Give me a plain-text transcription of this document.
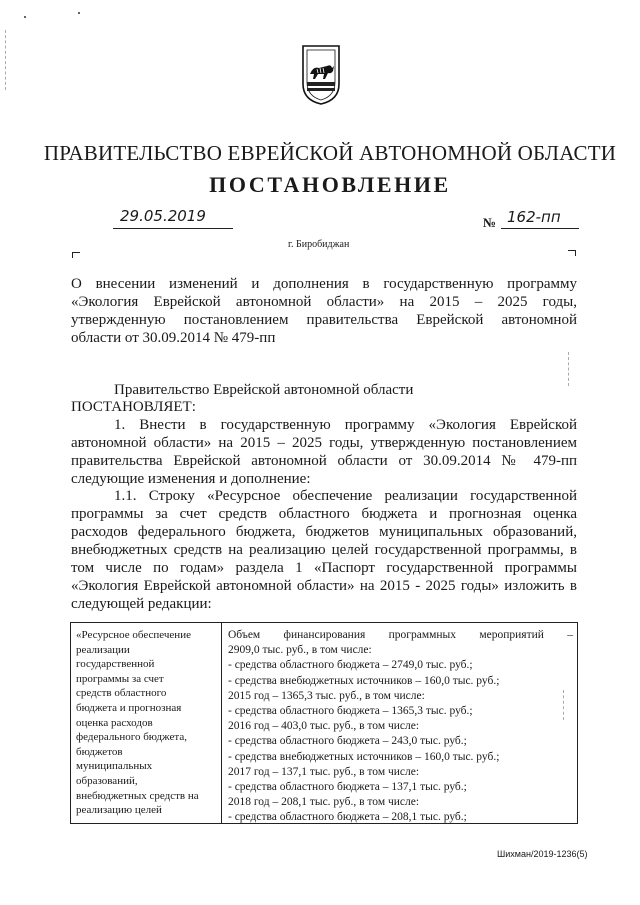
ПРАВИТЕЛЬСТВО ЕВРЕЙСКОЙ АВТОНОМНОЙ ОБЛАСТИ
ПОСТАНОВЛЕНИЕ
29.05.2019	№ 162-пп
г. Биробиджан
О внесении изменений и дополнения в государственную программу
«Экология Еврейской автономной области» на 2015 – 2025 годы,
утвержденную постановлением правительства Еврейской автономной
области от 30.09.2014 № 479-пп
Правительство Еврейской автономной области
ПОСТАНОВЛЯЕТ:
1. Внести в государственную программу «Экология Еврейской
автономной области» на 2015 – 2025 годы, утвержденную постановлением
правительства Еврейской автономной области от 30.09.2014 № 479-пп
следующие изменения и дополнение:
1.1. Строку «Ресурсное обеспечение реализации государственной
программы за счет средств областного бюджета и прогнозная оценка
расходов федерального бюджета, бюджетов муниципальных образований,
внебюджетных средств на реализацию целей государственной программы, в
том числе по годам» раздела 1 «Паспорт государственной программы
«Экология Еврейской автономной области» на 2015 - 2025 годы» изложить в
следующей редакции:
«Ресурсное обеспечение
реализации
государственной
программы за счет
средств областного
бюджета и прогнозная
оценка расходов
федерального бюджета,
бюджетов
муниципальных
образований,
внебюджетных средств на
реализацию целей
Объем финансирования программных мероприятий –
2909,0 тыс. руб., в том числе:
- средства областного бюджета – 2749,0 тыс. руб.;
- средства внебюджетных источников – 160,0 тыс. руб.;
2015 год – 1365,3 тыс. руб., в том числе:
- средства областного бюджета – 1365,3 тыс. руб.;
2016 год – 403,0 тыс. руб., в том числе:
- средства областного бюджета – 243,0 тыс. руб.;
- средства внебюджетных источников – 160,0 тыс. руб.;
2017 год – 137,1 тыс. руб., в том числе:
- средства областного бюджета – 137,1 тыс. руб.;
2018 год – 208,1 тыс. руб., в том числе:
- средства областного бюджета – 208,1 тыс. руб.;
Шихман/2019-1236(5)
